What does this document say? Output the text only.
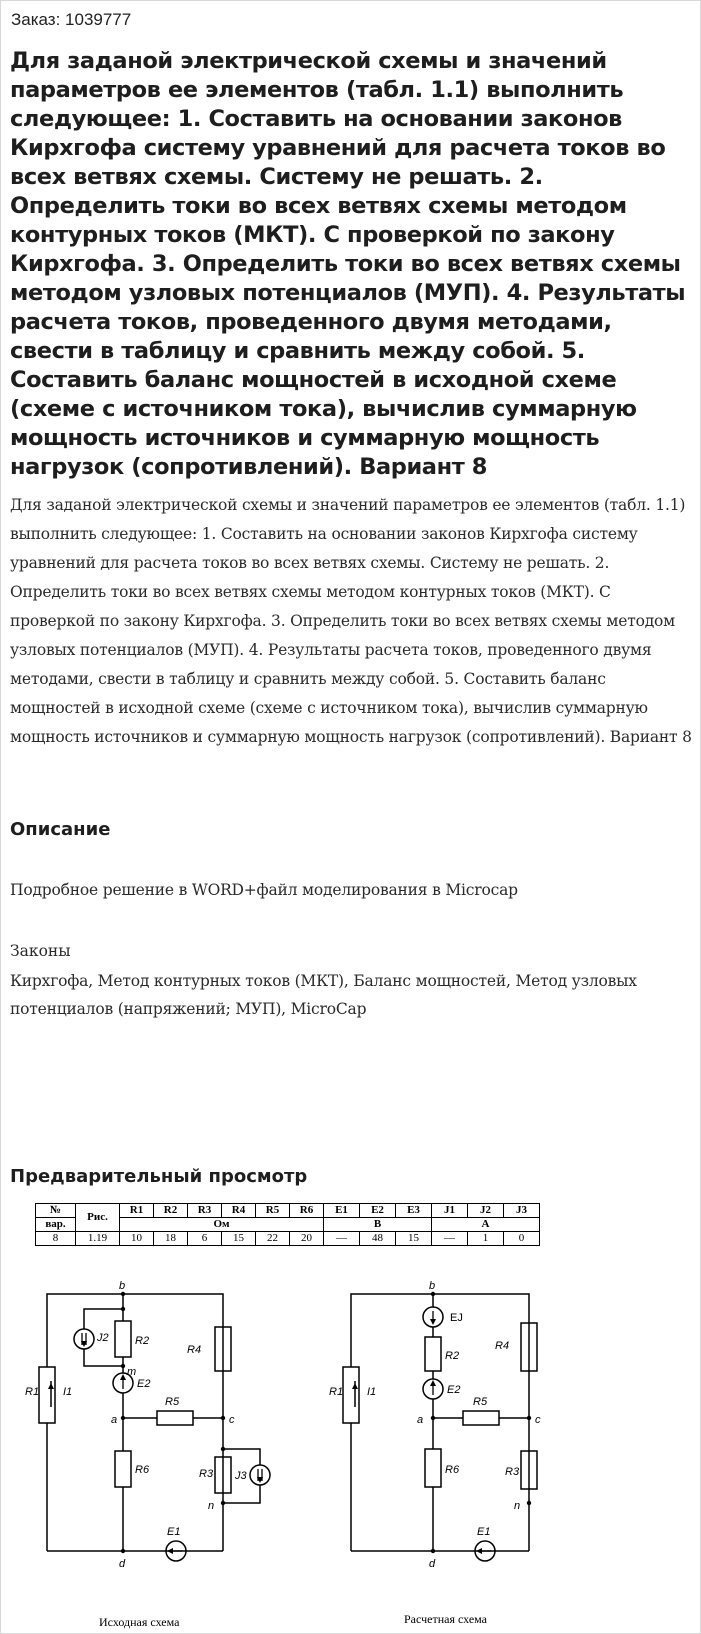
Заказ: 1039777
Для заданой электрической схемы и значений параметров ее элементов (табл. 1.1) выполнить следующее: 1. Составить на основании законов Кирхгофа систему уравнений для расчета токов во всех ветвях схемы. Систему не решать. 2. Определить токи во всех ветвях схемы методом контурных токов (МКТ). С проверкой по закону Кирхгофа. 3. Определить токи во всех ветвях схемы методом узловых потенциалов (МУП). 4. Результаты расчета токов, проведенного двумя методами, свести в таблицу и сравнить между собой. 5. Составить баланс мощностей в исходной схеме (схеме с источником тока), вычислив суммарную мощность источников и суммарную мощность нагрузок (сопротивлений). Вариант 8

Для заданой электрической схемы и значений параметров ее элементов (табл. 1.1) выполнить следующее: 1. Составить на основании законов Кирхгофа систему уравнений для расчета токов во всех ветвях схемы. Систему не решать. 2. Определить токи во всех ветвях схемы методом контурных токов (МКТ). С проверкой по закону Кирхгофа. 3. Определить токи во всех ветвях схемы методом узловых потенциалов (МУП). 4. Результаты расчета токов, проведенного двумя методами, свести в таблицу и сравнить между собой. 5. Составить баланс мощностей в исходной схеме (схеме с источником тока), вычислив суммарную мощность источников и суммарную мощность нагрузок (сопротивлений). Вариант 8

Описание
Подробное решение в WORD+файл моделирования в Microcap
Законы

Кирхгофа, Метод контурных токов (МКТ), Баланс мощностей, Метод узловых потенциалов (напряжений; МУП), MicroCap

Предварительный просмотр
№	Рис.	R1	R2	R3	R4	R5	R6	E1	E2	E3	J1	J2	J3
вар.		Ом						В			А		
8	1.19	10	18	6	15	22	20	—	48	15	—	1	0
b
m
a	c
n
d
R1 I1
R2
J2
E2
R5
R4
R6	R3 J3
E1
b
EJ
a	c
n
d
R1 I1
R2
E2
R5
R4
R6	R3
E1
Исходная схема	Расчетная схема
